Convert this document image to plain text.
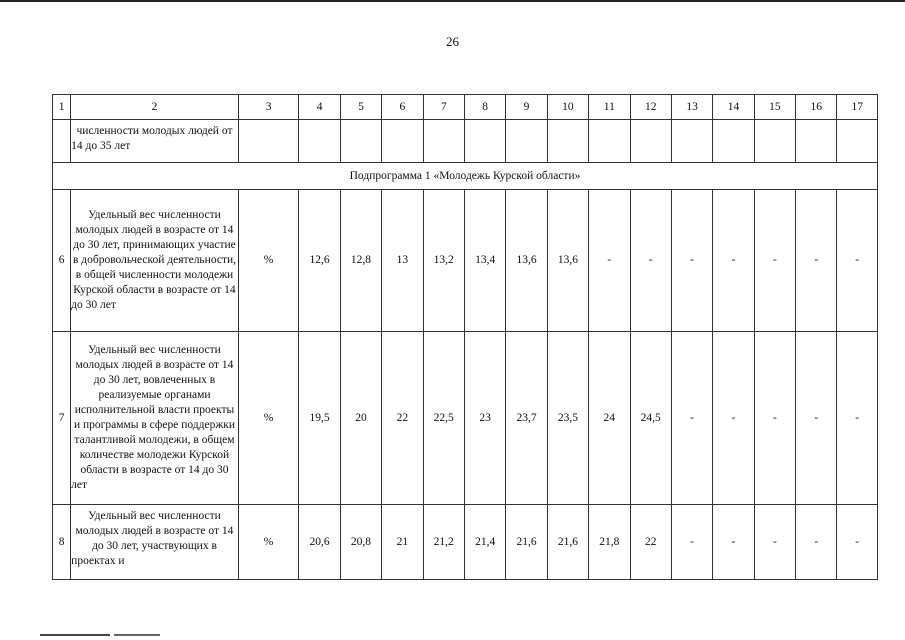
26
1	2	3	4	5	6	7	8	9	10	11	12	13	14	15	16	17
	численности молодых людей от 14 до 35 лет															
Подпрограмма 1 «Молодежь Курской области»																
6	Удельный вес численности молодых людей в возрасте от 14 до 30 лет, принимающих участие в добровольческой деятельности, в общей численности молодежи Курской области в возрасте от 14 до 30 лет	%	12,6	12,8	13	13,2	13,4	13,6	13,6	-	-	-	-	-	-	-
7	Удельный вес численности молодых людей в возрасте от 14 до 30 лет, вовлеченных в реализуемые органами исполнительной власти проекты и программы в сфере поддержки талантливой молодежи, в общем количестве молодежи Курской области в возрасте от 14 до 30 лет	%	19,5	20	22	22,5	23	23,7	23,5	24	24,5	-	-	-	-	-
8	Удельный вес численности молодых людей в возрасте от 14 до 30 лет, участвующих в проектах и	%	20,6	20,8	21	21,2	21,4	21,6	21,6	21,8	22	-	-	-	-	-
